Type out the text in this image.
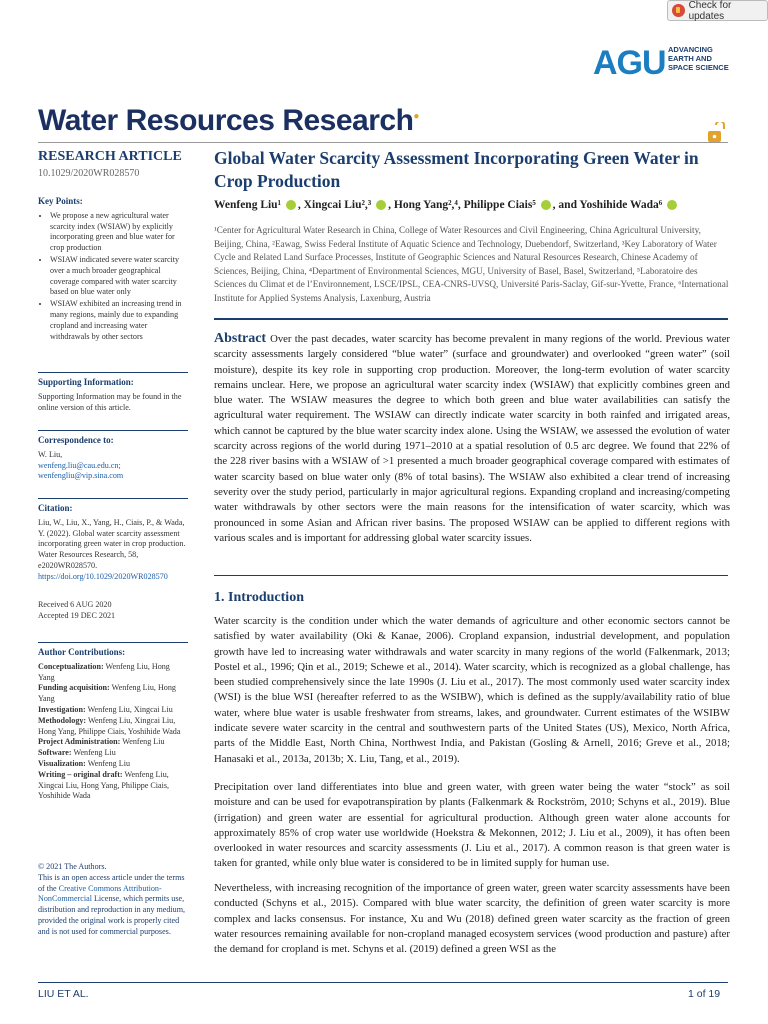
Check for updates
AGU ADVANCING
EARTH AND
SPACE SCIENCE
Water Resources Research●
RESEARCH ARTICLE
10.1029/2020WR028570
Global Water Scarcity Assessment Incorporating Green Water in Crop Production
Wenfeng Liu¹ , Xingcai Liu²,³ , Hong Yang²,⁴, Philippe Ciais⁵ , and Yoshihide Wada⁶
¹Center for Agricultural Water Research in China, College of Water Resources and Civil Engineering, China Agricultural University, Beijing, China, ²Eawag, Swiss Federal Institute of Aquatic Science and Technology, Duebendorf, Switzerland, ³Key Laboratory of Water Cycle and Related Land Surface Processes, Institute of Geographic Sciences and Natural Resources Research, Chinese Academy of Sciences, Beijing, China, ⁴Department of Environmental Sciences, MGU, University of Basel, Basel, Switzerland, ⁵Laboratoire des Sciences du Climat et de l’Environnement, LSCE/IPSL, CEA-CNRS-UVSQ, Université Paris-Saclay, Gif-sur-Yvette, France, ⁶International Institute for Applied Systems Analysis, Laxenburg, Austria
Key Points:
• We propose a new agricultural water scarcity index (WSIAW) by explicitly incorporating green and blue water for crop production
• WSIAW indicated severe water scarcity over a much broader geographical coverage compared with water scarcity based on blue water only
• WSIAW exhibited an increasing trend in many regions, mainly due to expanding cropland and increasing water withdrawals by other sectors
Supporting Information:
Supporting Information may be found in the online version of this article.
Correspondence to:
W. Liu,
wenfeng.liu@cau.edu.cn;
wenfengliu@vip.sina.com
Citation:
Liu, W., Liu, X., Yang, H., Ciais, P., & Wada, Y. (2022). Global water scarcity assessment incorporating green water in crop production. Water Resources Research, 58, e2020WR028570. https://doi.org/10.1029/2020WR028570
Received 6 AUG 2020
Accepted 19 DEC 2021
Author Contributions:
Conceptualization: Wenfeng Liu, Hong Yang
Funding acquisition: Wenfeng Liu, Hong Yang
Investigation: Wenfeng Liu, Xingcai Liu
Methodology: Wenfeng Liu, Xingcai Liu, Hong Yang, Philippe Ciais, Yoshihide Wada
Project Administration: Wenfeng Liu
Software: Wenfeng Liu
Visualization: Wenfeng Liu
Writing – original draft: Wenfeng Liu, Xingcai Liu, Hong Yang, Philippe Ciais, Yoshihide Wada
© 2021 The Authors.
This is an open access article under the terms of the Creative Commons Attribution-NonCommercial License, which permits use, distribution and reproduction in any medium, provided the original work is properly cited and is not used for commercial purposes.
Abstract Over the past decades, water scarcity has become prevalent in many regions of the world. Previous water scarcity assessments largely considered “blue water” (surface and groundwater) and overlooked “green water” (soil moisture), despite its key role in supporting crop production. Moreover, the long-term evolution of water scarcity remains unclear. Here, we propose an agricultural water scarcity index (WSIAW) that explicitly combines green and blue water. The WSIAW measures the degree to which both green and blue water availabilities can satisfy the agricultural water requirement. The WSIAW can directly indicate water scarcity in both rainfed and irrigated areas, which cannot be captured by the blue water scarcity index alone. Using the WSIAW, we assessed the evolution of water scarcity across regions of the world during 1971–2010 at a spatial resolution of 0.5 arc degree. We found that 22% of the 228 river basins with a WSIAW of >1 presented a much broader geographical coverage compared with estimates of water scarcity based on blue water only (8% of total basins). The WSIAW also exhibited a clear trend of increasing severity over the study period, particularly in major agricultural regions. Expanding cropland and increasing/competing water withdrawals by other sectors were the main reasons for the intensification of water scarcity, which was pronounced in some Asian and African river basins. The proposed WSIAW can be applied to different regions with various scales and is important for addressing global water scarcity issues.
1. Introduction

Water scarcity is the condition under which the water demands of agriculture and other economic sectors cannot be satisfied by water availability (Oki & Kanae, 2006). Cropland expansion, industrial development, and population growth have led to increasing water withdrawals and water scarcity in many regions of the world (Falkenmark, 2013; Postel et al., 1996; Qin et al., 2019; Schewe et al., 2014). Water scarcity, which is recognized as a global challenge, has been studied comprehensively since the late 1990s (J. Liu et al., 2017). The most commonly used water scarcity index (WSI) is the blue WSI (hereafter referred to as the WSIBW), which is defined as the supply/availability ratio of blue water, where blue water is usable freshwater from streams, lakes, and groundwater. Current estimates of the WSIBW indicate severe water scarcity in the central and southwestern parts of the United States (US), Mexico, North Africa, parts of the Middle East, North China, Northwest India, and Pakistan (Gosling & Arnell, 2016; Greve et al., 2018; Hanasaki et al., 2013a, 2013b; X. Liu, Tang, et al., 2019).

Precipitation over land differentiates into blue and green water, with green water being the water “stock” as soil moisture and can be used for evapotranspiration by plants (Falkenmark & Rockström, 2010; Schyns et al., 2019). Blue (irrigation) and green water are essential for agricultural production. Although green water alone accounts for approximately 85% of crop water use worldwide (Hoekstra & Mekonnen, 2012; J. Liu et al., 2009), it has often been overlooked in water resources and scarcity assessments (J. Liu et al., 2017). A common reason is that green water is taken for granted, while only blue water is considered to be in limited supply for human use.

Nevertheless, with increasing recognition of the importance of green water, green water scarcity assessments have been conducted (Schyns et al., 2015). Compared with blue water scarcity, the definition of green water scarcity is more complex and lacks consensus. For instance, Xu and Wu (2018) defined green water scarcity as the fraction of green water resources remaining available for non-cropland managed ecosystem services (wood production and pasture) after the demand for cropland is met. Schyns et al. (2019) defined a green WSI as the

LIU ET AL.	1 of 19
